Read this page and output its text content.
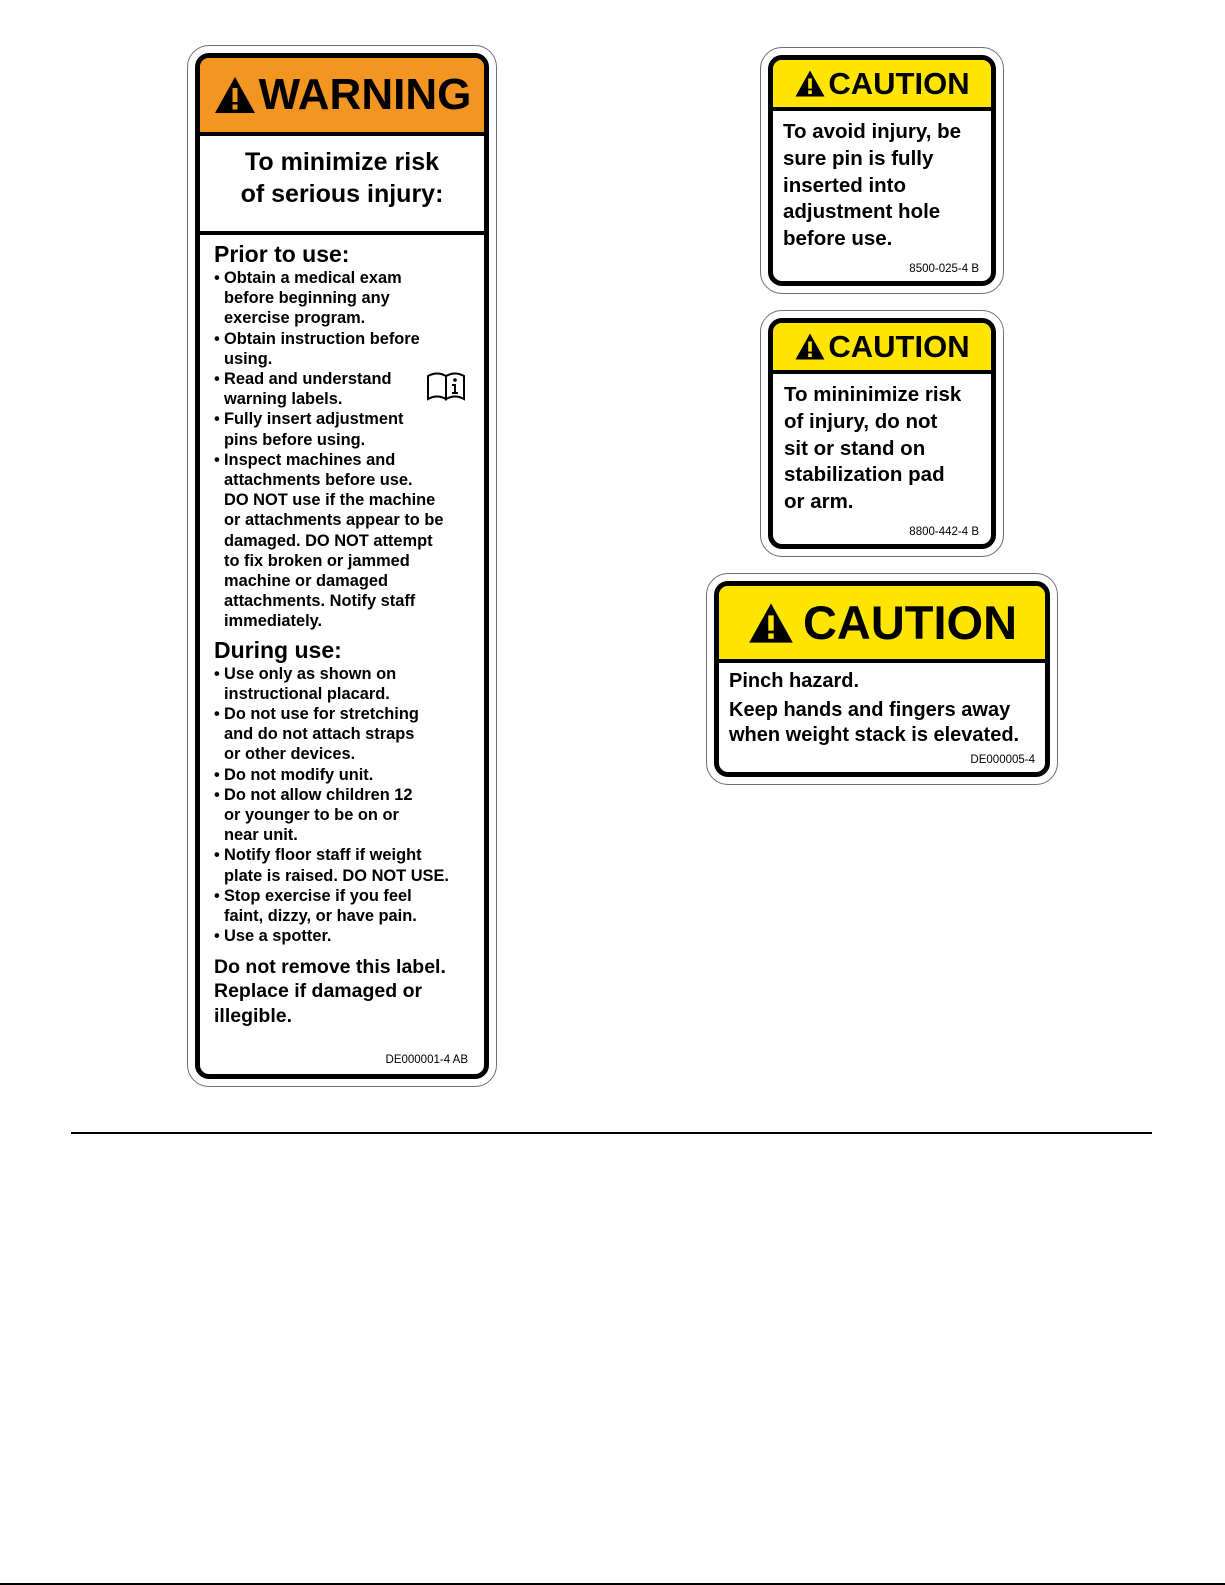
WARNING
To minimize risk
of serious injury:
Prior to use:
• Obtain a medical exam
before beginning any
exercise program.
• Obtain instruction before
using.
• Read and understand
warning labels.
• Fully insert adjustment
pins before using.
• Inspect machines and
attachments before use.
DO NOT use if the machine
or attachments appear to be
damaged. DO NOT attempt
to fix broken or jammed
machine or damaged
attachments. Notify staff
immediately.
During use:
• Use only as shown on
instructional placard.
• Do not use for stretching
and do not attach straps
or other devices.
• Do not modify unit.
• Do not allow children 12
or younger to be on or
near unit.
• Notify floor staff if weight
plate is raised. DO NOT USE.
• Stop exercise if you feel
faint, dizzy, or have pain.
• Use a spotter.
Do not remove this label.
Replace if damaged or
illegible.
DE000001-4 AB
CAUTION
To avoid injury, be
sure pin is fully
inserted into
adjustment hole
before use.
8500-025-4 B
CAUTION
To mininimize risk
of injury, do not
sit or stand on
stabilization pad
or arm.
8800-442-4 B
CAUTION
Pinch hazard.
Keep hands and fingers away
when weight stack is elevated.
DE000005-4
